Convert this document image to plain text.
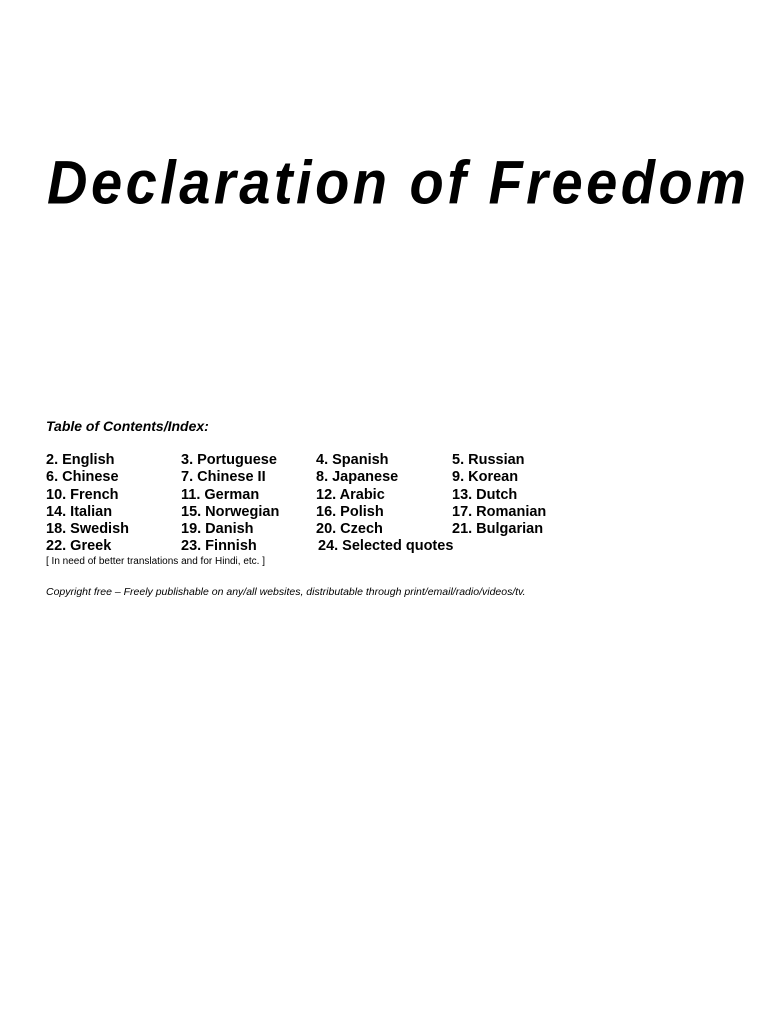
Declaration of Freedom
Table of Contents/Index:
2. English	3. Portuguese	4. Spanish	5. Russian
6. Chinese	7. Chinese II	8. Japanese	9. Korean
10. French	11. German	12. Arabic	13. Dutch
14. Italian	15. Norwegian	16. Polish	17. Romanian
18. Swedish	19. Danish	20. Czech	21. Bulgarian
22. Greek	23. Finnish	24. Selected quotes
[ In need of better translations and for Hindi, etc. ]
Copyright free – Freely publishable on any/all websites, distributable through print/email/radio/videos/tv.
